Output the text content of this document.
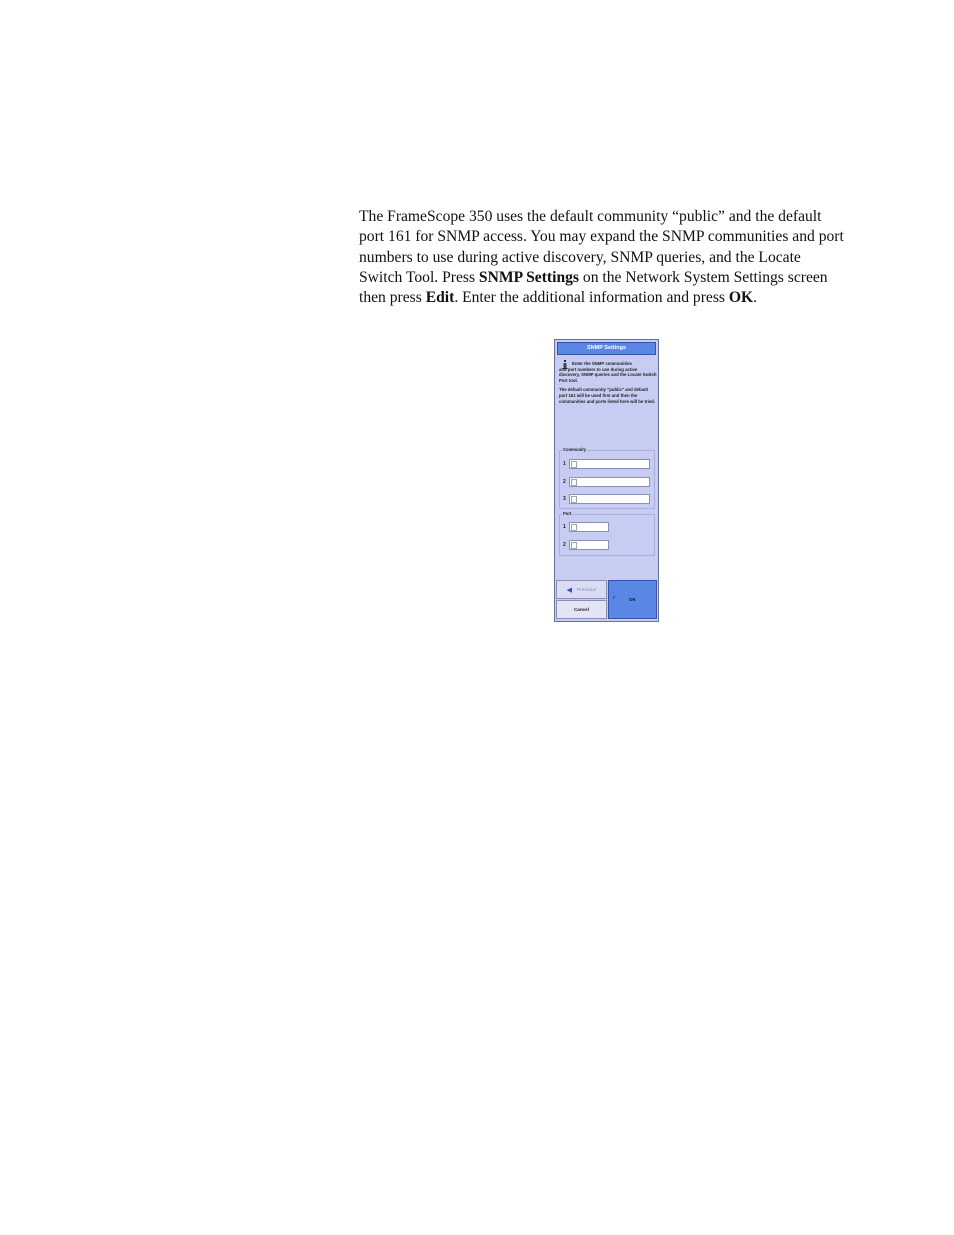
The FrameScope 350 uses the default community “public” and the default port 161 for SNMP access. You may expand the SNMP communities and port numbers to use during active discovery, SNMP queries, and the Locate Switch Tool. Press SNMP Settings on the Network System Settings screen then press Edit. Enter the additional information and press OK.

SNMP Settings

Enter the SNMP communities
and port numbers to use during active discovery, SNMP queries and the Locate Switch Port tool.

The default community "public" and default port 161 will be used first and then the communities and ports listed here will be tried.

Community
1
2
3
Port
1
2
◀ Previous
Cancel
✓	OK
